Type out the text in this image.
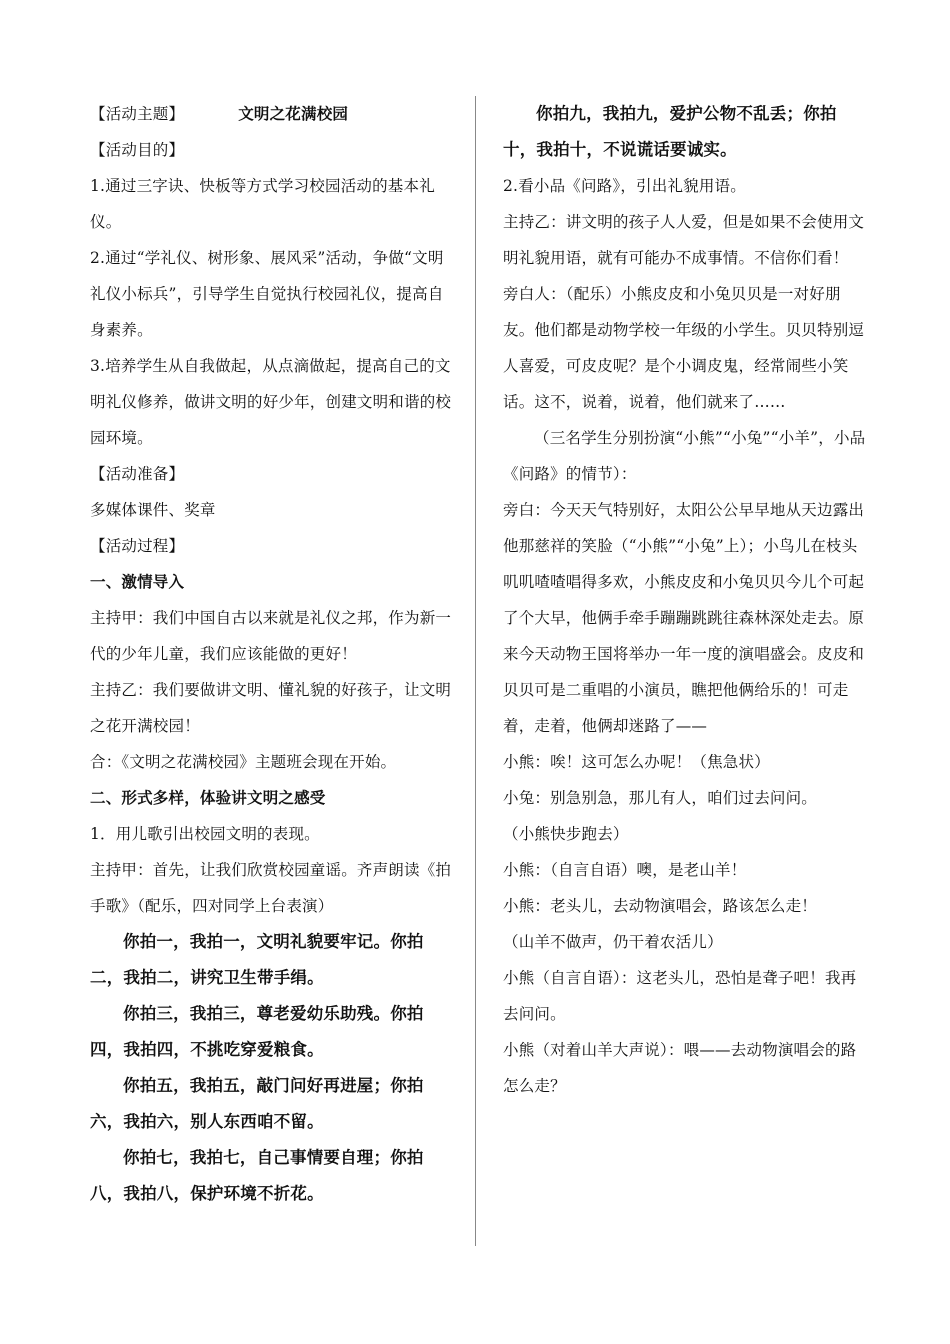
【活动主题】	文明之花满校园

【活动目的】

1.通过三字诀、快板等方式学习校园活动的基本礼仪。

2.通过“学礼仪、树形象、展风采”活动，争做“文明礼仪小标兵”，引导学生自觉执行校园礼仪，提高自身素养。

3.培养学生从自我做起，从点滴做起，提高自己的文明礼仪修养，做讲文明的好少年，创建文明和谐的校园环境。

【活动准备】

多媒体课件、奖章

【活动过程】

一、激情导入

主持甲：我们中国自古以来就是礼仪之邦，作为新一代的少年儿童，我们应该能做的更好！

主持乙：我们要做讲文明、懂礼貌的好孩子，让文明之花开满校园！

合：《文明之花满校园》主题班会现在开始。

二、形式多样，体验讲文明之感受

1．用儿歌引出校园文明的表现。

主持甲：首先，让我们欣赏校园童谣。齐声朗读《拍手歌》（配乐，四对同学上台表演）

你拍一，我拍一，文明礼貌要牢记。你拍二，我拍二，讲究卫生带手绢。

你拍三，我拍三，尊老爱幼乐助残。你拍四，我拍四，不挑吃穿爱粮食。

你拍五，我拍五，敲门问好再进屋；你拍六，我拍六，别人东西咱不留。

你拍七，我拍七，自己事情要自理；你拍八，我拍八，保护环境不折花。

你拍九，我拍九，爱护公物不乱丢；你拍十，我拍十，不说谎话要诚实。

2.看小品《问路》，引出礼貌用语。

主持乙：讲文明的孩子人人爱，但是如果不会使用文明礼貌用语，就有可能办不成事情。不信你们看！

旁白人：（配乐）小熊皮皮和小兔贝贝是一对好朋友。他们都是动物学校一年级的小学生。贝贝特别逗人喜爱，可皮皮呢？是个小调皮鬼，经常闹些小笑话。这不，说着，说着，他们就来了……

（三名学生分别扮演“小熊”“小兔”“小羊”，小品《问路》的情节）：

旁白：今天天气特别好，太阳公公早早地从天边露出他那慈祥的笑脸（“小熊”“小兔”上）；小鸟儿在枝头叽叽喳喳唱得多欢，小熊皮皮和小兔贝贝今儿个可起了个大早，他俩手牵手蹦蹦跳跳往森林深处走去。原来今天动物王国将举办一年一度的演唱盛会。皮皮和贝贝可是二重唱的小演员，瞧把他俩给乐的！可走着，走着，他俩却迷路了——

小熊：唉！这可怎么办呢！（焦急状）

小兔：别急别急，那儿有人，咱们过去问问。

（小熊快步跑去）

小熊：（自言自语）噢，是老山羊！

小熊：老头儿，去动物演唱会，路该怎么走！

（山羊不做声，仍干着农活儿）

小熊（自言自语）：这老头儿，恐怕是聋子吧！我再去问问。

小熊（对着山羊大声说）：喂——去动物演唱会的路怎么走？
